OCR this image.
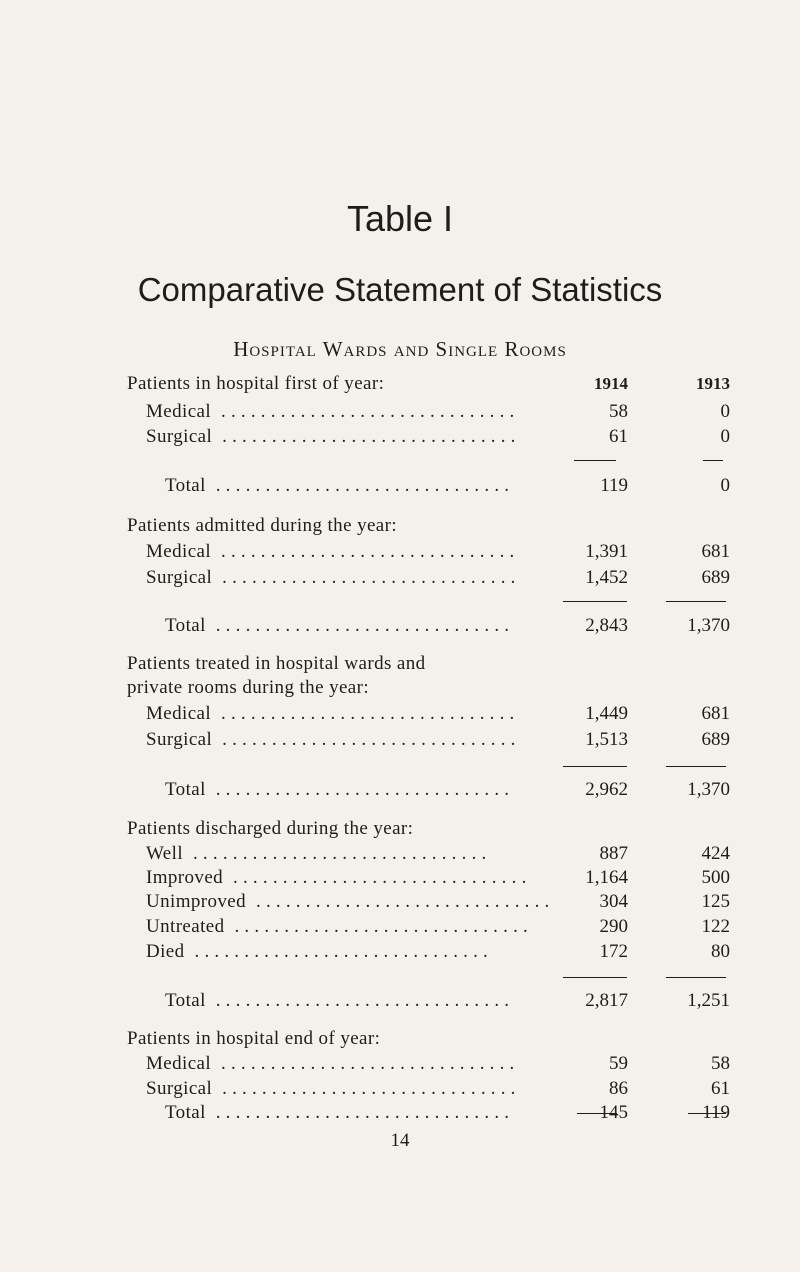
Table I
Comparative Statement of Statistics
Hospital Wards and Single Rooms
Patients in hospital first of year:	1914	1913
Medical ..............................	58	0
Surgical ..............................	61	0
Total ..............................	119	0
Patients admitted during the year:
Medical ..............................	1,391	681
Surgical ..............................	1,452	689
Total ..............................	2,843	1,370
Patients treated in hospital wards and
private rooms during the year:
Medical ..............................	1,449	681
Surgical ..............................	1,513	689
Total ..............................	2,962	1,370
Patients discharged during the year:
Well ..............................	887	424
Improved ..............................	1,164	500
Unimproved ..............................	304	125
Untreated ..............................	290	122
Died ..............................	172	80
Total ..............................	2,817	1,251
Patients in hospital end of year:
Medical ..............................	59	58
Surgical ..............................	86	61
Total ..............................	145	119
14
